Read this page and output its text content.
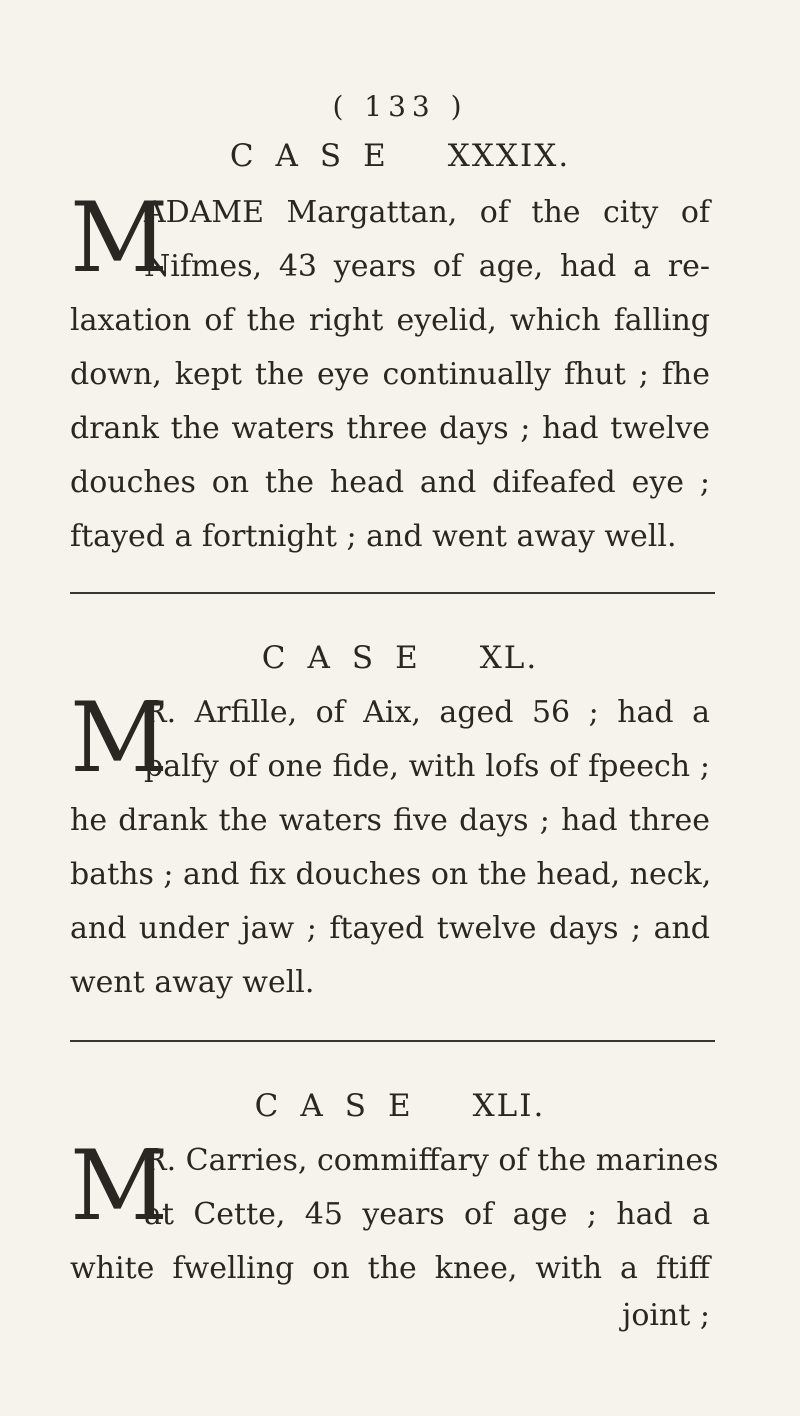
( 133 )
CASE XXXIX.
M
ADAME Margattan, of the city of
Nifmes, 43 years of age, had a re-
laxation of the right eyelid, which falling
down, kept the eye continually fhut ; fhe
drank the waters three days ; had twelve
douches on the head and difeafed eye ;
ftayed a fortnight ; and went away well.
CASE XL.
M
R. Arfille, of Aix, aged 56 ; had a
palfy of one fide, with lofs of fpeech ;
he drank the waters five days ; had three
baths ; and fix douches on the head, neck,
and under jaw ; ftayed twelve days ; and
went away well.
CASE XLI.
M
R. Carries, commiffary of the marines
at Cette, 45 years of age ; had a
white fwelling on the knee, with a ftiff
joint ;
